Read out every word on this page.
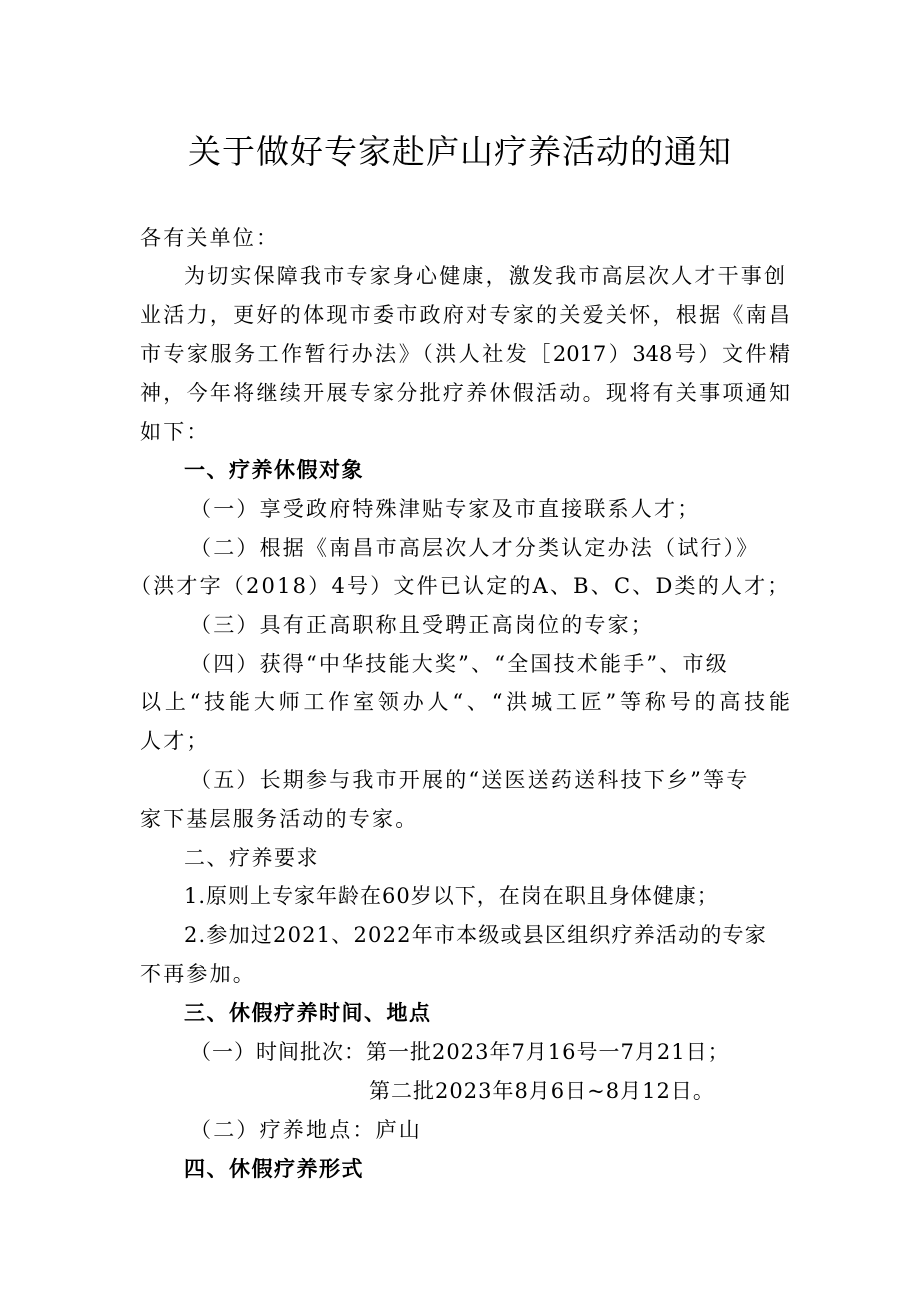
关于做好专家赴庐山疗养活动的通知
各有关单位：
为切实保障我市专家身心健康，激发我市高层次人才干事创
业活力，更好的体现市委市政府对专家的关爱关怀，根据《南昌
市专家服务工作暂行办法》（洪人社发［2017）348号）文件精
神，今年将继续开展专家分批疗养休假活动。现将有关事项通知
如下：
一、疗养休假对象
（一）享受政府特殊津贴专家及市直接联系人才；
（二）根据《南昌市高层次人才分类认定办法（试行）》
（洪才字（2018）4号）文件已认定的A、B、C、D类的人才；
（三）具有正高职称且受聘正高岗位的专家；
（四）获得“中华技能大奖”、“全国技术能手”、市级
以上“技能大师工作室领办人“、“洪城工匠”等称号的高技能
人才；
（五）长期参与我市开展的“送医送药送科技下乡”等专
家下基层服务活动的专家。
二、疗养要求
1.原则上专家年龄在60岁以下，在岗在职且身体健康；
2.参加过2021、2022年市本级或县区组织疗养活动的专家
不再参加。
三、休假疗养时间、地点
（一）时间批次：第一批2023年7月16号一7月21日；
第二批2023年8月6日~8月12日。
（二）疗养地点：庐山
四、休假疗养形式
